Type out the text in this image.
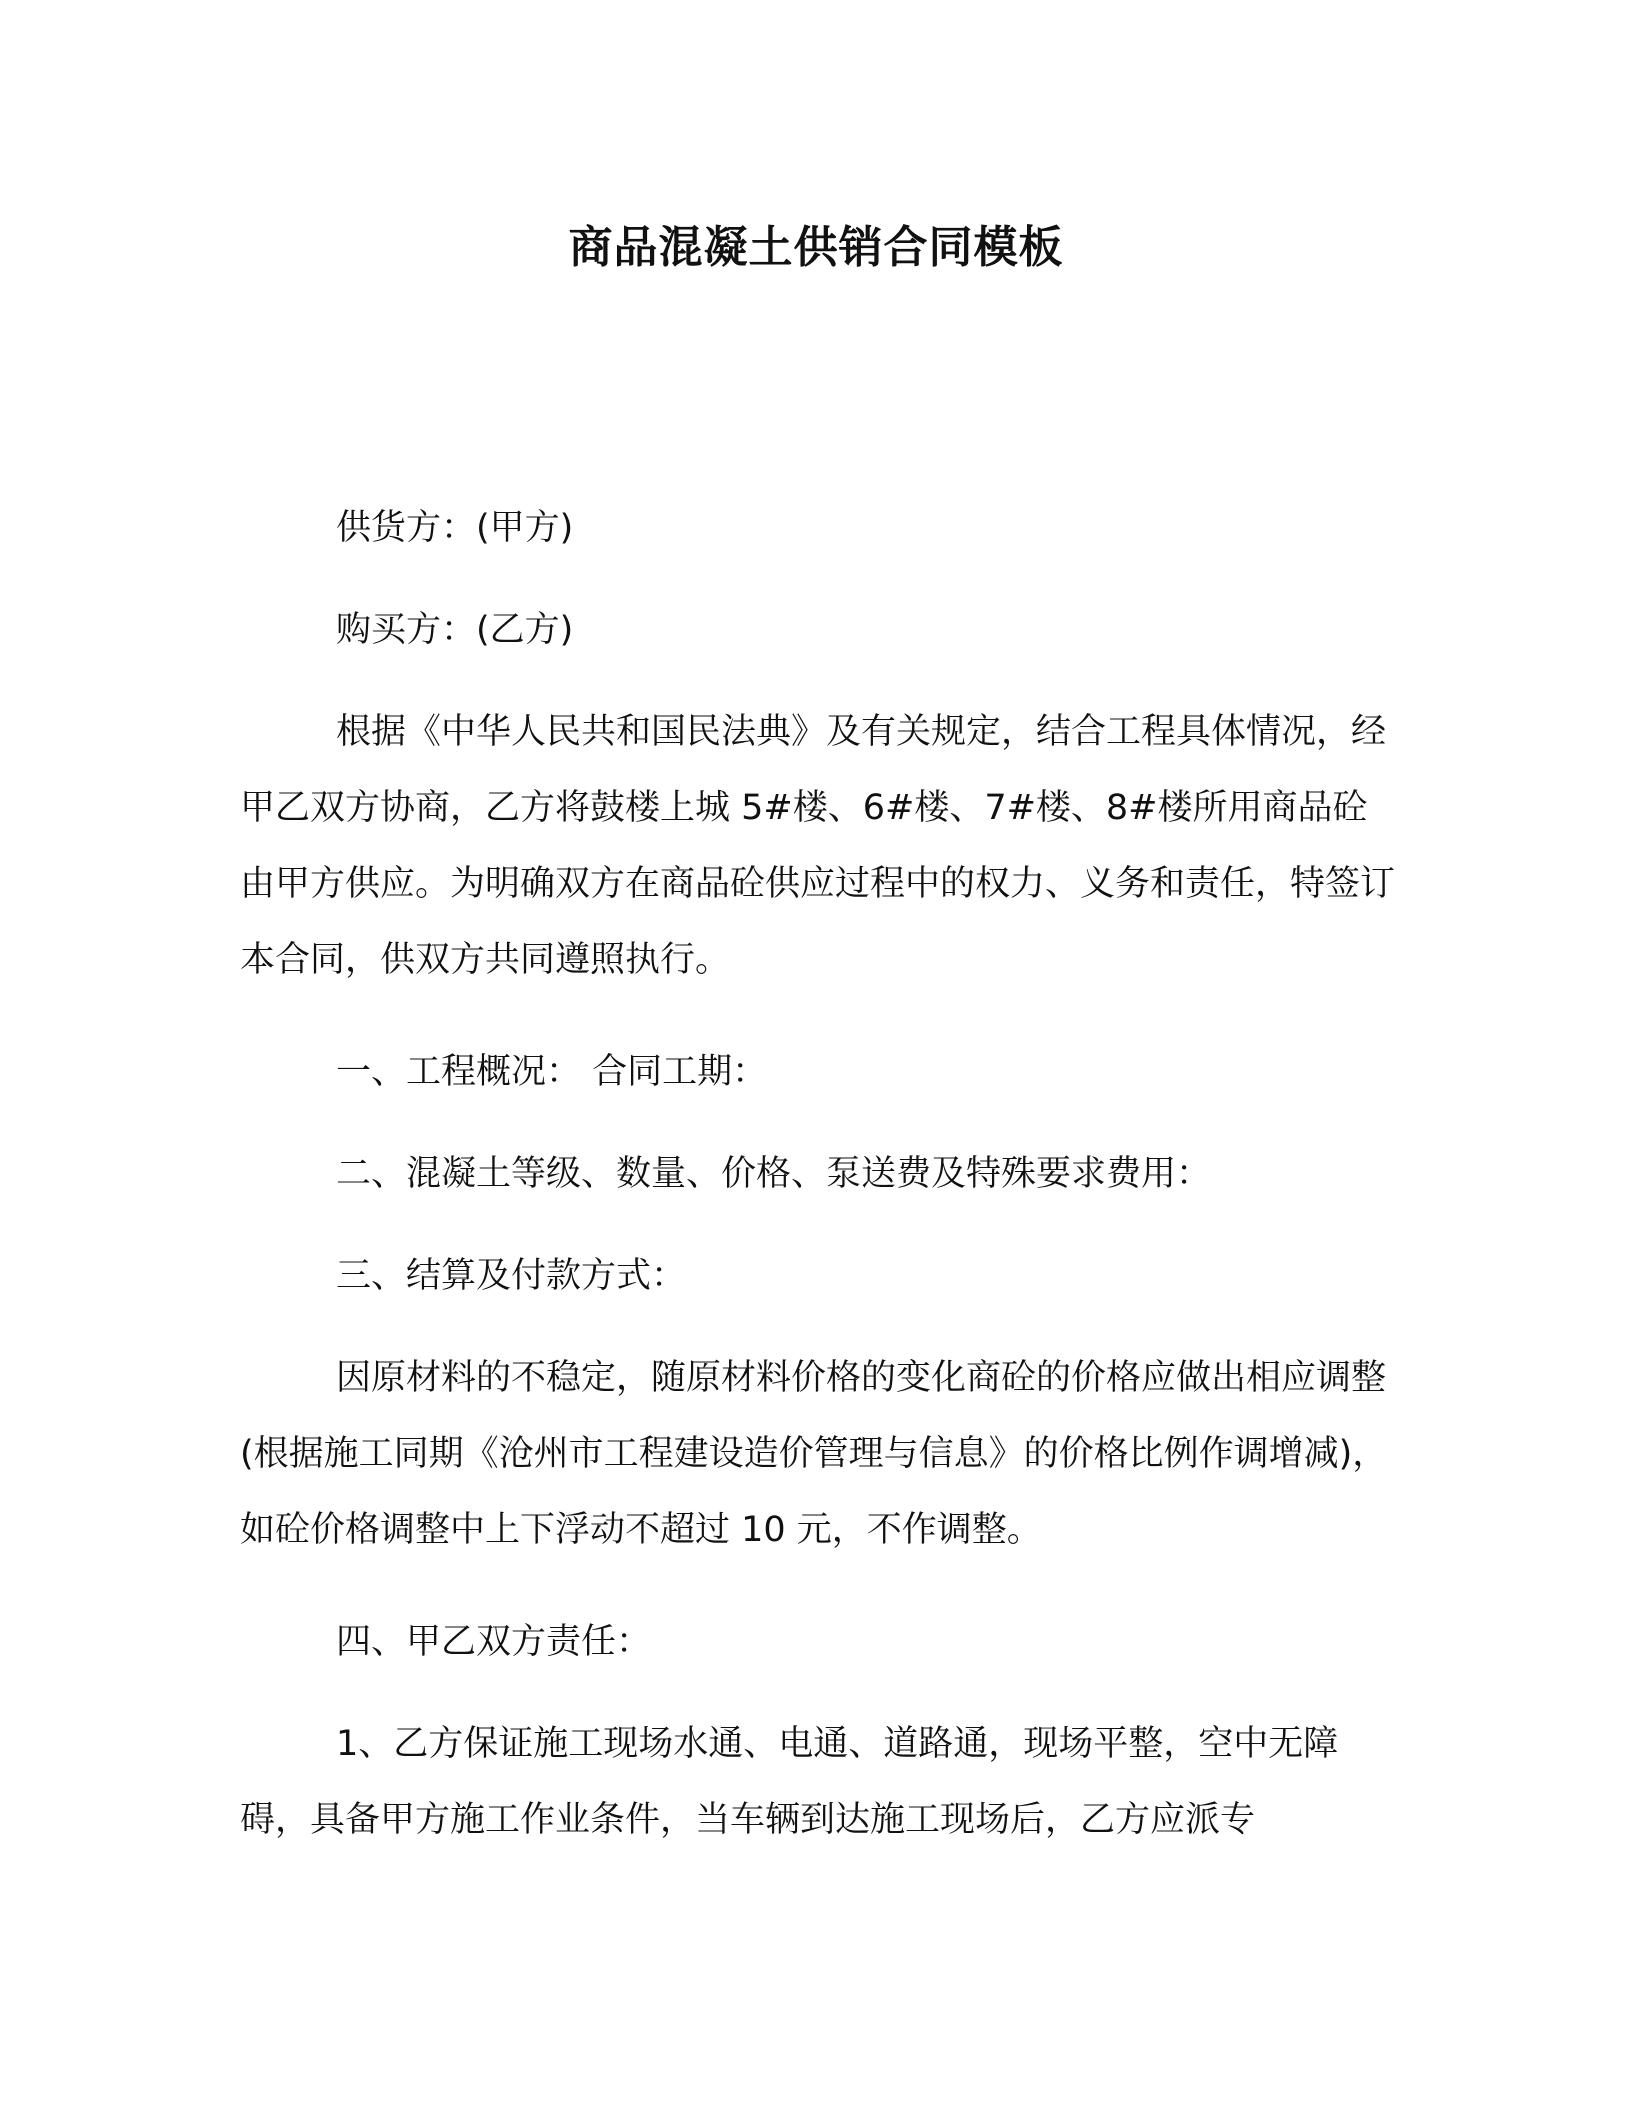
商品混凝土供销合同模板

供货方：(甲方)

购买方：(乙方)

根据《中华人民共和国民法典》及有关规定，结合工程具体情况，经甲乙双方协商，乙方将鼓楼上城 5#楼、6#楼、7#楼、8#楼所用商品砼由甲方供应。为明确双方在商品砼供应过程中的权力、义务和责任，特签订本合同，供双方共同遵照执行。

一、工程概况： 合同工期：

二、混凝土等级、数量、价格、泵送费及特殊要求费用：

三、结算及付款方式：

因原材料的不稳定，随原材料价格的变化商砼的价格应做出相应调整(根据施工同期《沧州市工程建设造价管理与信息》的价格比例作调增减)，如砼价格调整中上下浮动不超过 10 元，不作调整。

四、甲乙双方责任：

1、乙方保证施工现场水通、电通、道路通，现场平整，空中无障碍，具备甲方施工作业条件，当车辆到达施工现场后，乙方应派专
